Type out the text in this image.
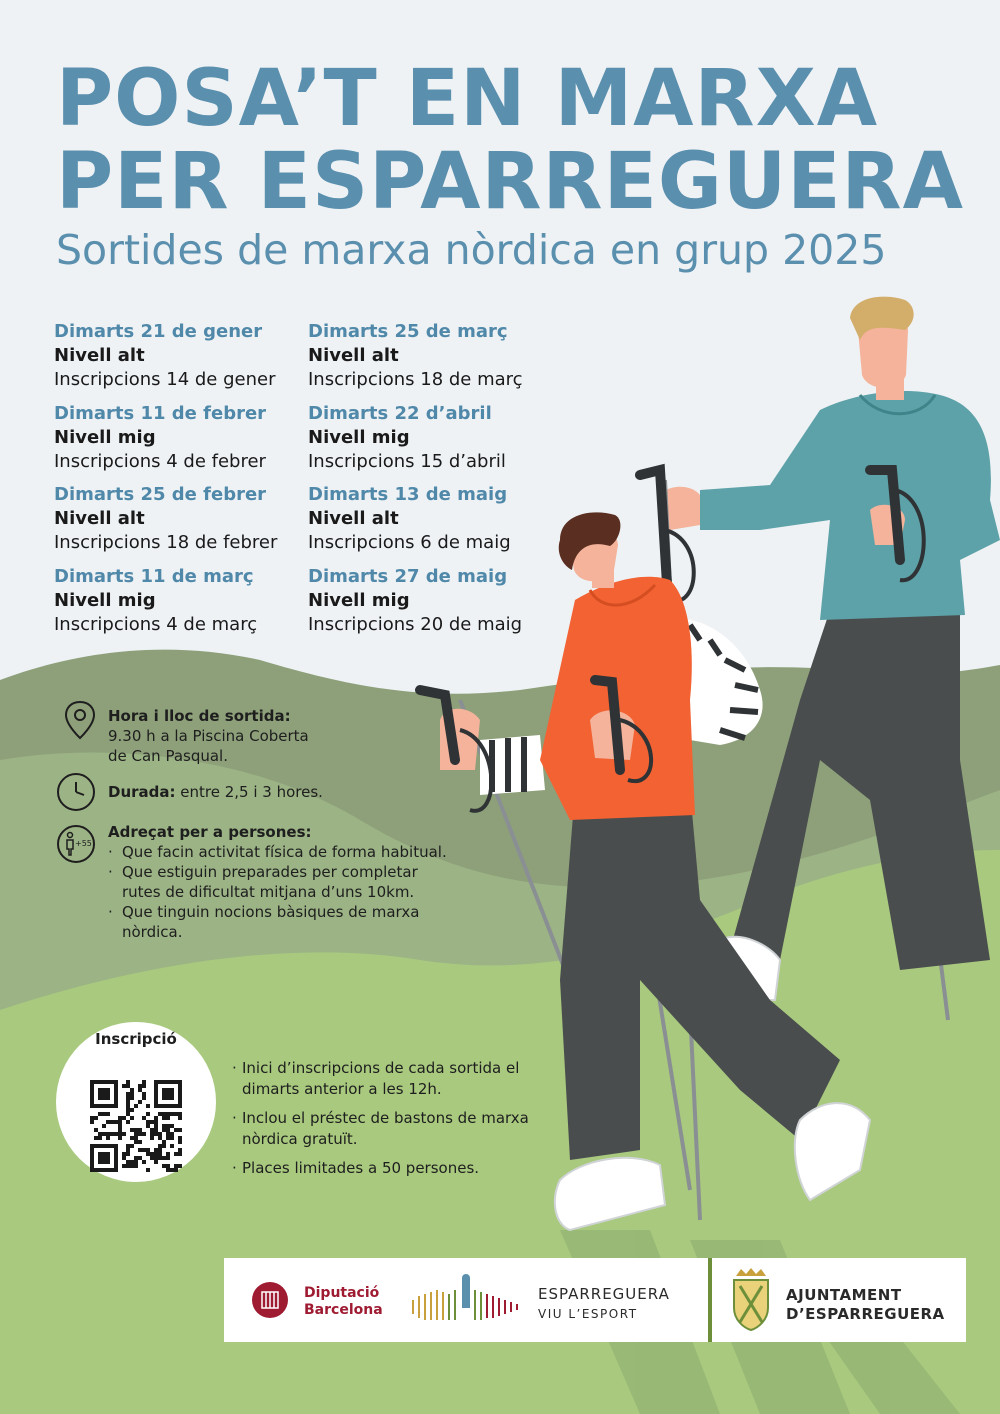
POSA’T EN MARXA
PER ESPARREGUERA
Sortides de marxa nòrdica en grup 2025
Dimarts 21 de gener
Nivell alt
Inscripcions 14 de gener
Dimarts 11 de febrer
Nivell mig
Inscripcions 4 de febrer
Dimarts 25 de febrer
Nivell alt
Inscripcions 18 de febrer
Dimarts 11 de març
Nivell mig
Inscripcions 4 de març
Dimarts 25 de març
Nivell alt
Inscripcions 18 de març
Dimarts 22 d’abril
Nivell mig
Inscripcions 15 d’abril
Dimarts 13 de maig
Nivell alt
Inscripcions 6 de maig
Dimarts 27 de maig
Nivell mig
Inscripcions 20 de maig
Hora i lloc de sortida:
9.30 h a la Piscina Coberta
de Can Pasqual.
Durada: entre 2,5 i 3 hores.
+55
Adreçat per a persones:
· Que facin activitat física de forma habitual.
· Que estiguin preparades per completar rutes de dificultat mitjana d’uns 10km.
· Que tinguin nocions bàsiques de marxa nòrdica.
Inscripció
· Inici d’inscripcions de cada sortida el dimarts anterior a les 12h.
· Inclou el préstec de bastons de marxa nòrdica gratuït.
· Places limitades a 50 persones.
Diputació
Barcelona
ESPARREGUERA
VIU L’ESPORT
AJUNTAMENT
D’ESPARREGUERA
